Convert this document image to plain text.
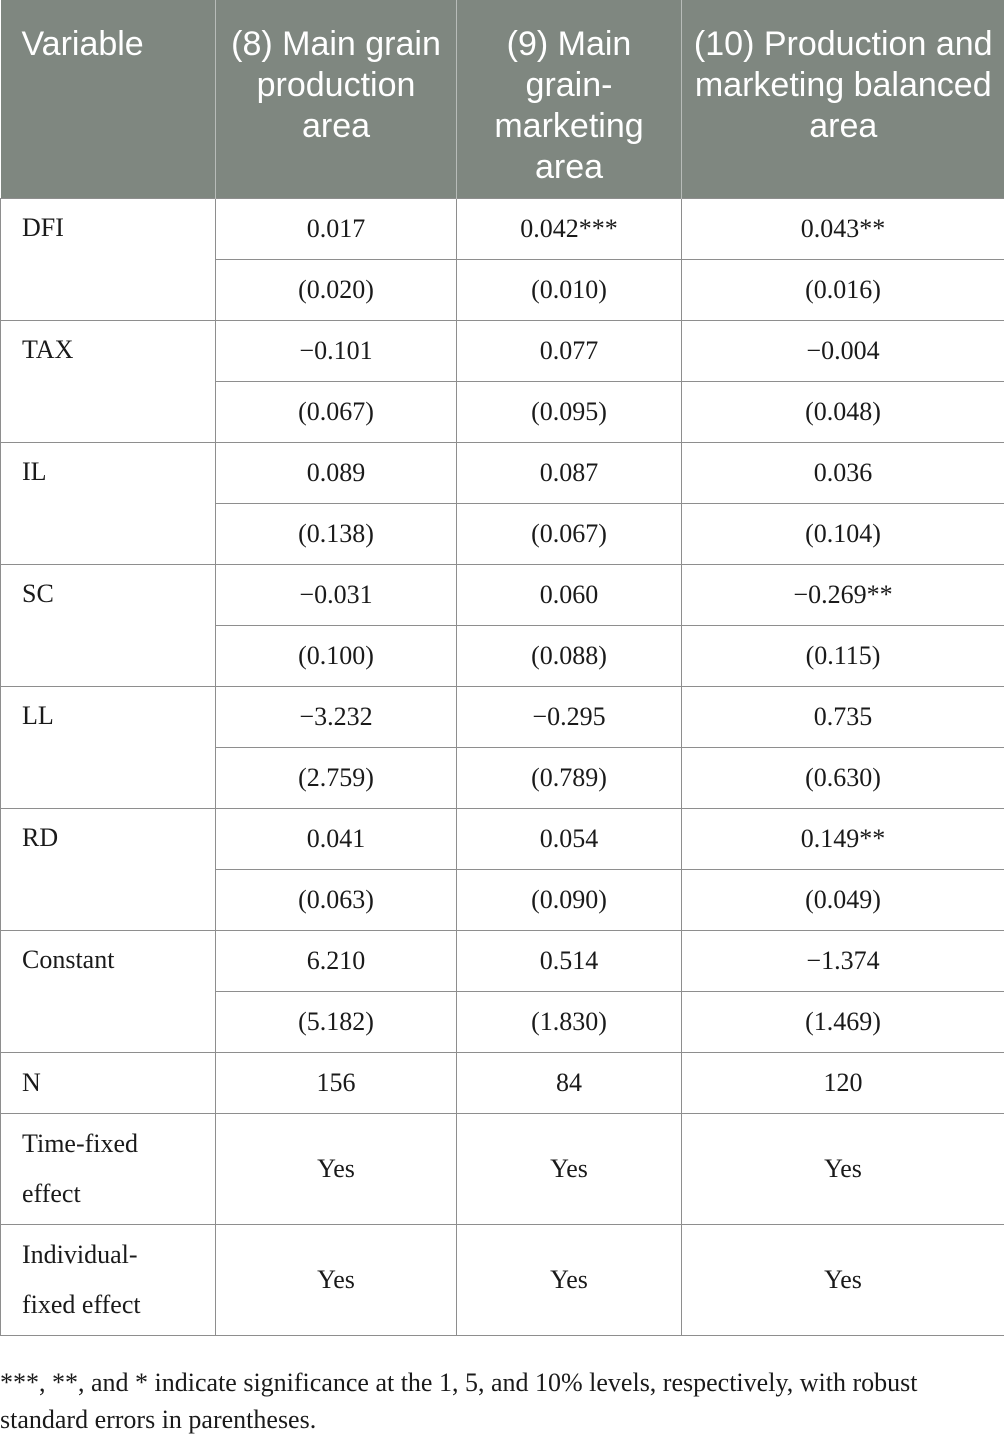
Variable	(8) Main grain production area	(9) Main grain-marketing area	(10) Production and marketing balanced area
DFI	0.017	0.042***	0.043**
	(0.020)	(0.010)	(0.016)
TAX	−0.101	0.077	−0.004
	(0.067)	(0.095)	(0.048)
IL	0.089	0.087	0.036
	(0.138)	(0.067)	(0.104)
SC	−0.031	0.060	−0.269**
	(0.100)	(0.088)	(0.115)
LL	−3.232	−0.295	0.735
	(2.759)	(0.789)	(0.630)
RD	0.041	0.054	0.149**
	(0.063)	(0.090)	(0.049)
Constant	6.210	0.514	−1.374
	(5.182)	(1.830)	(1.469)
N	156	84	120

Time-fixed
effect	Yes	Yes	Yes

Individual-
fixed effect	Yes	Yes	Yes
***, **, and * indicate significance at the 1, 5, and 10% levels, respectively, with robust standard errors in parentheses.
